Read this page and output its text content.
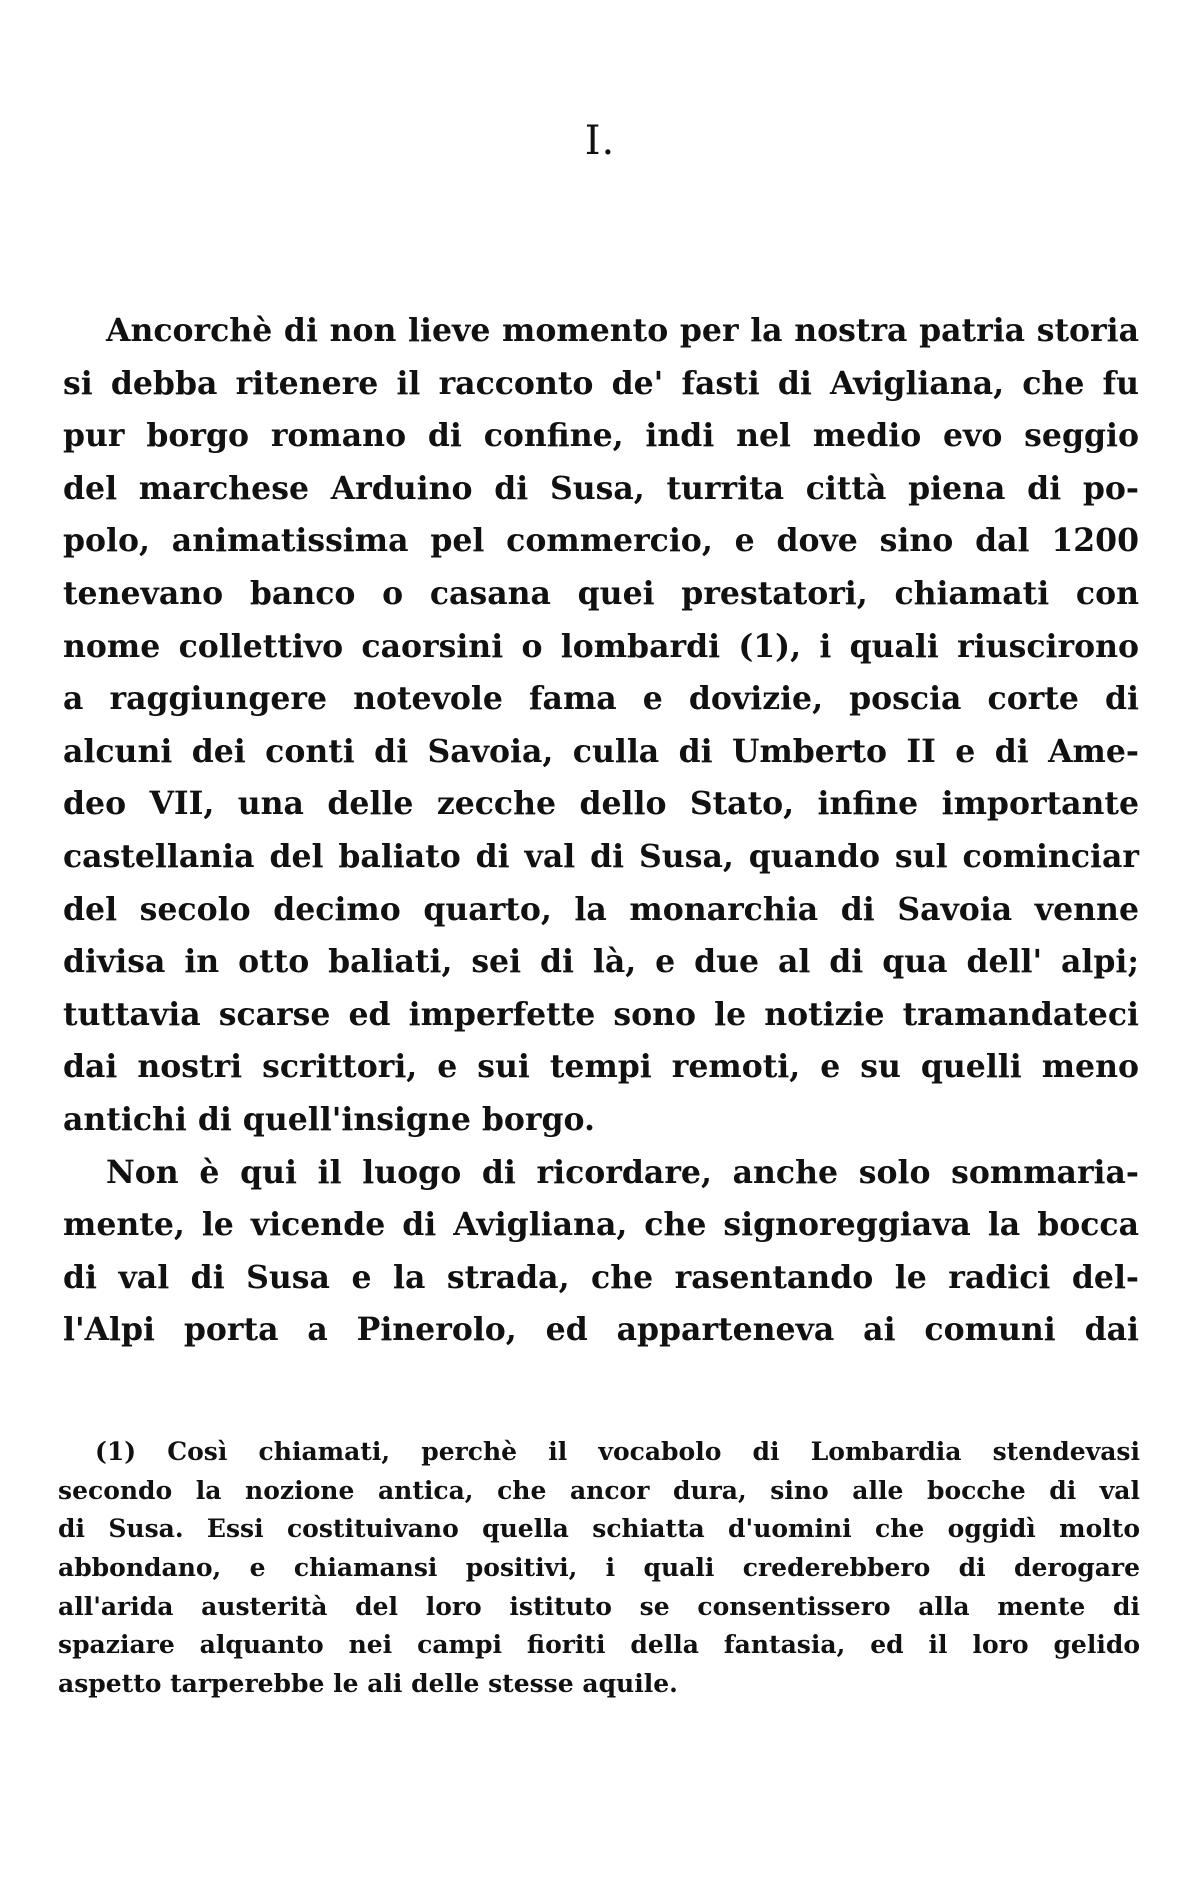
I.
Ancorchè di non lieve momento per la nostra patria storia
si debba ritenere il racconto de' fasti di Avigliana, che fu
pur borgo romano di confine, indi nel medio evo seggio
del marchese Arduino di Susa, turrita città piena di po-
polo, animatissima pel commercio, e dove sino dal 1200
tenevano banco o casana quei prestatori, chiamati con
nome collettivo caorsini o lombardi (1), i quali riuscirono
a raggiungere notevole fama e dovizie, poscia corte di
alcuni dei conti di Savoia, culla di Umberto II e di Ame-
deo VII, una delle zecche dello Stato, infine importante
castellania del baliato di val di Susa, quando sul cominciar
del secolo decimo quarto, la monarchia di Savoia venne
divisa in otto baliati, sei di là, e due al di qua dell' alpi;
tuttavia scarse ed imperfette sono le notizie tramandateci
dai nostri scrittori, e sui tempi remoti, e su quelli meno
antichi di quell'insigne borgo.
Non è qui il luogo di ricordare, anche solo sommaria-
mente, le vicende di Avigliana, che signoreggiava la bocca
di val di Susa e la strada, che rasentando le radici del-
l'Alpi porta a Pinerolo, ed apparteneva ai comuni dai
(1) Così chiamati, perchè il vocabolo di Lombardia stendevasi
secondo la nozione antica, che ancor dura, sino alle bocche di val
di Susa. Essi costituivano quella schiatta d'uomini che oggidì molto
abbondano, e chiamansi positivi, i quali crederebbero di derogare
all'arida austerità del loro istituto se consentissero alla mente di
spaziare alquanto nei campi fioriti della fantasia, ed il loro gelido
aspetto tarperebbe le ali delle stesse aquile.
